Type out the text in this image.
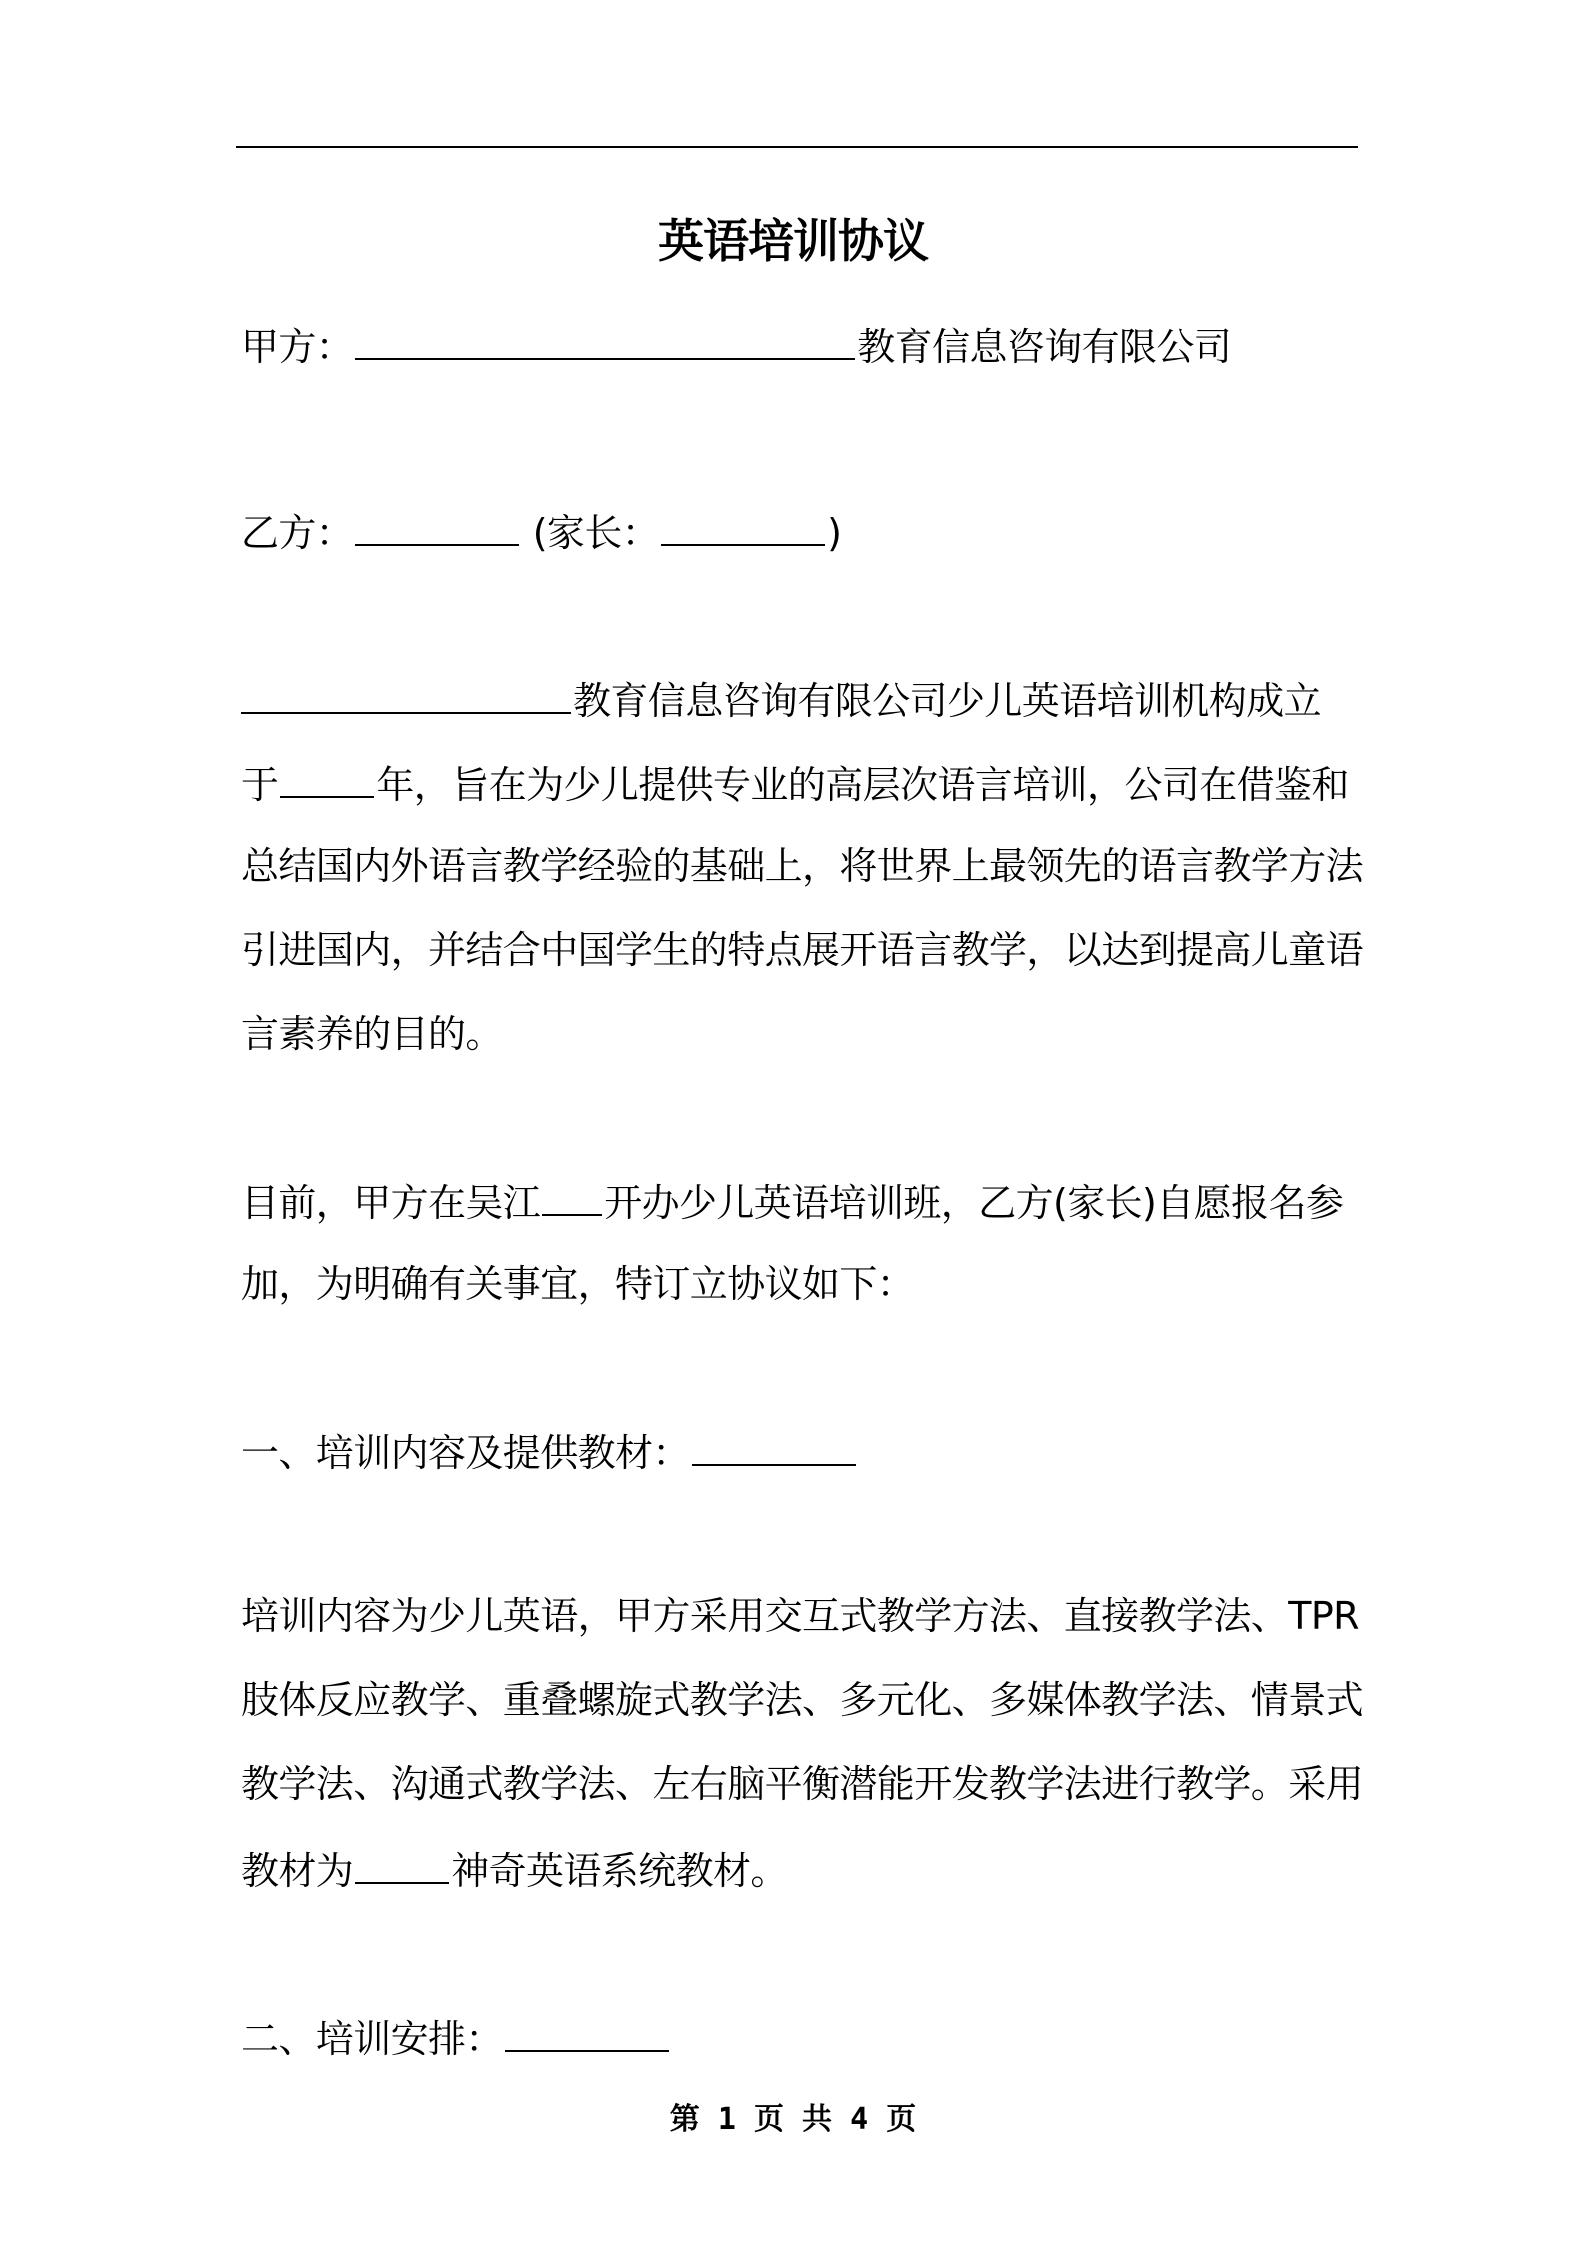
英语培训协议
甲方：	教育信息咨询有限公司
乙方：	(家长：	)
教育信息咨询有限公司少儿英语培训机构成立
于	年，旨在为少儿提供专业的高层次语言培训，公司在借鉴和
总结国内外语言教学经验的基础上，将世界上最领先的语言教学方法
引进国内，并结合中国学生的特点展开语言教学，以达到提高儿童语
言素养的目的。
目前，甲方在吴江 开办少儿英语培训班，乙方(家长)自愿报名参
加，为明确有关事宜，特订立协议如下：
一、培训内容及提供教材：
培训内容为少儿英语，甲方采用交互式教学方法、直接教学法、TPR
肢体反应教学、重叠螺旋式教学法、多元化、多媒体教学法、情景式
教学法、沟通式教学法、左右脑平衡潜能开发教学法进行教学。采用
教材为	神奇英语系统教材。
二、培训安排：
第 1 页 共 4 页
